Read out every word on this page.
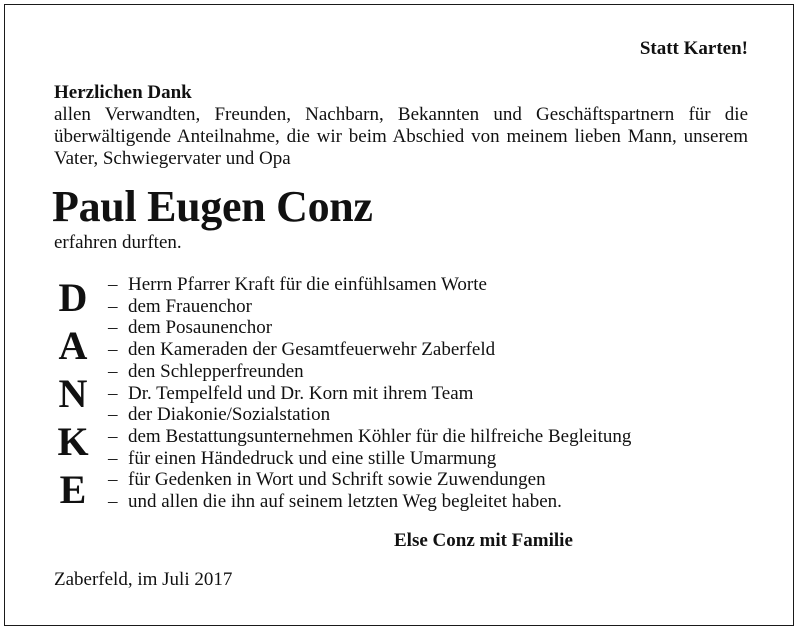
Statt Karten!

Herzlichen Dank

allen Verwandten, Freunden, Nachbarn, Bekannten und Geschäftspartnern für die überwältigende Anteilnahme, die wir beim Abschied von meinem lieben Mann, unserem Vater, Schwiegervater und Opa

Paul Eugen Conz
erfahren durften.
D
A
N
K
E
– Herrn Pfarrer Kraft für die einfühlsamen Worte
– dem Frauenchor
– dem Posaunenchor
– den Kameraden der Gesamtfeuerwehr Zaberfeld
– den Schlepperfreunden
– Dr. Tempelfeld und Dr. Korn mit ihrem Team
– der Diakonie/Sozialstation
– dem Bestattungsunternehmen Köhler für die hilfreiche Begleitung
– für einen Händedruck und eine stille Umarmung
– für Gedenken in Wort und Schrift sowie Zuwendungen
– und allen die ihn auf seinem letzten Weg begleitet haben.
Else Conz mit Familie
Zaberfeld, im Juli 2017
